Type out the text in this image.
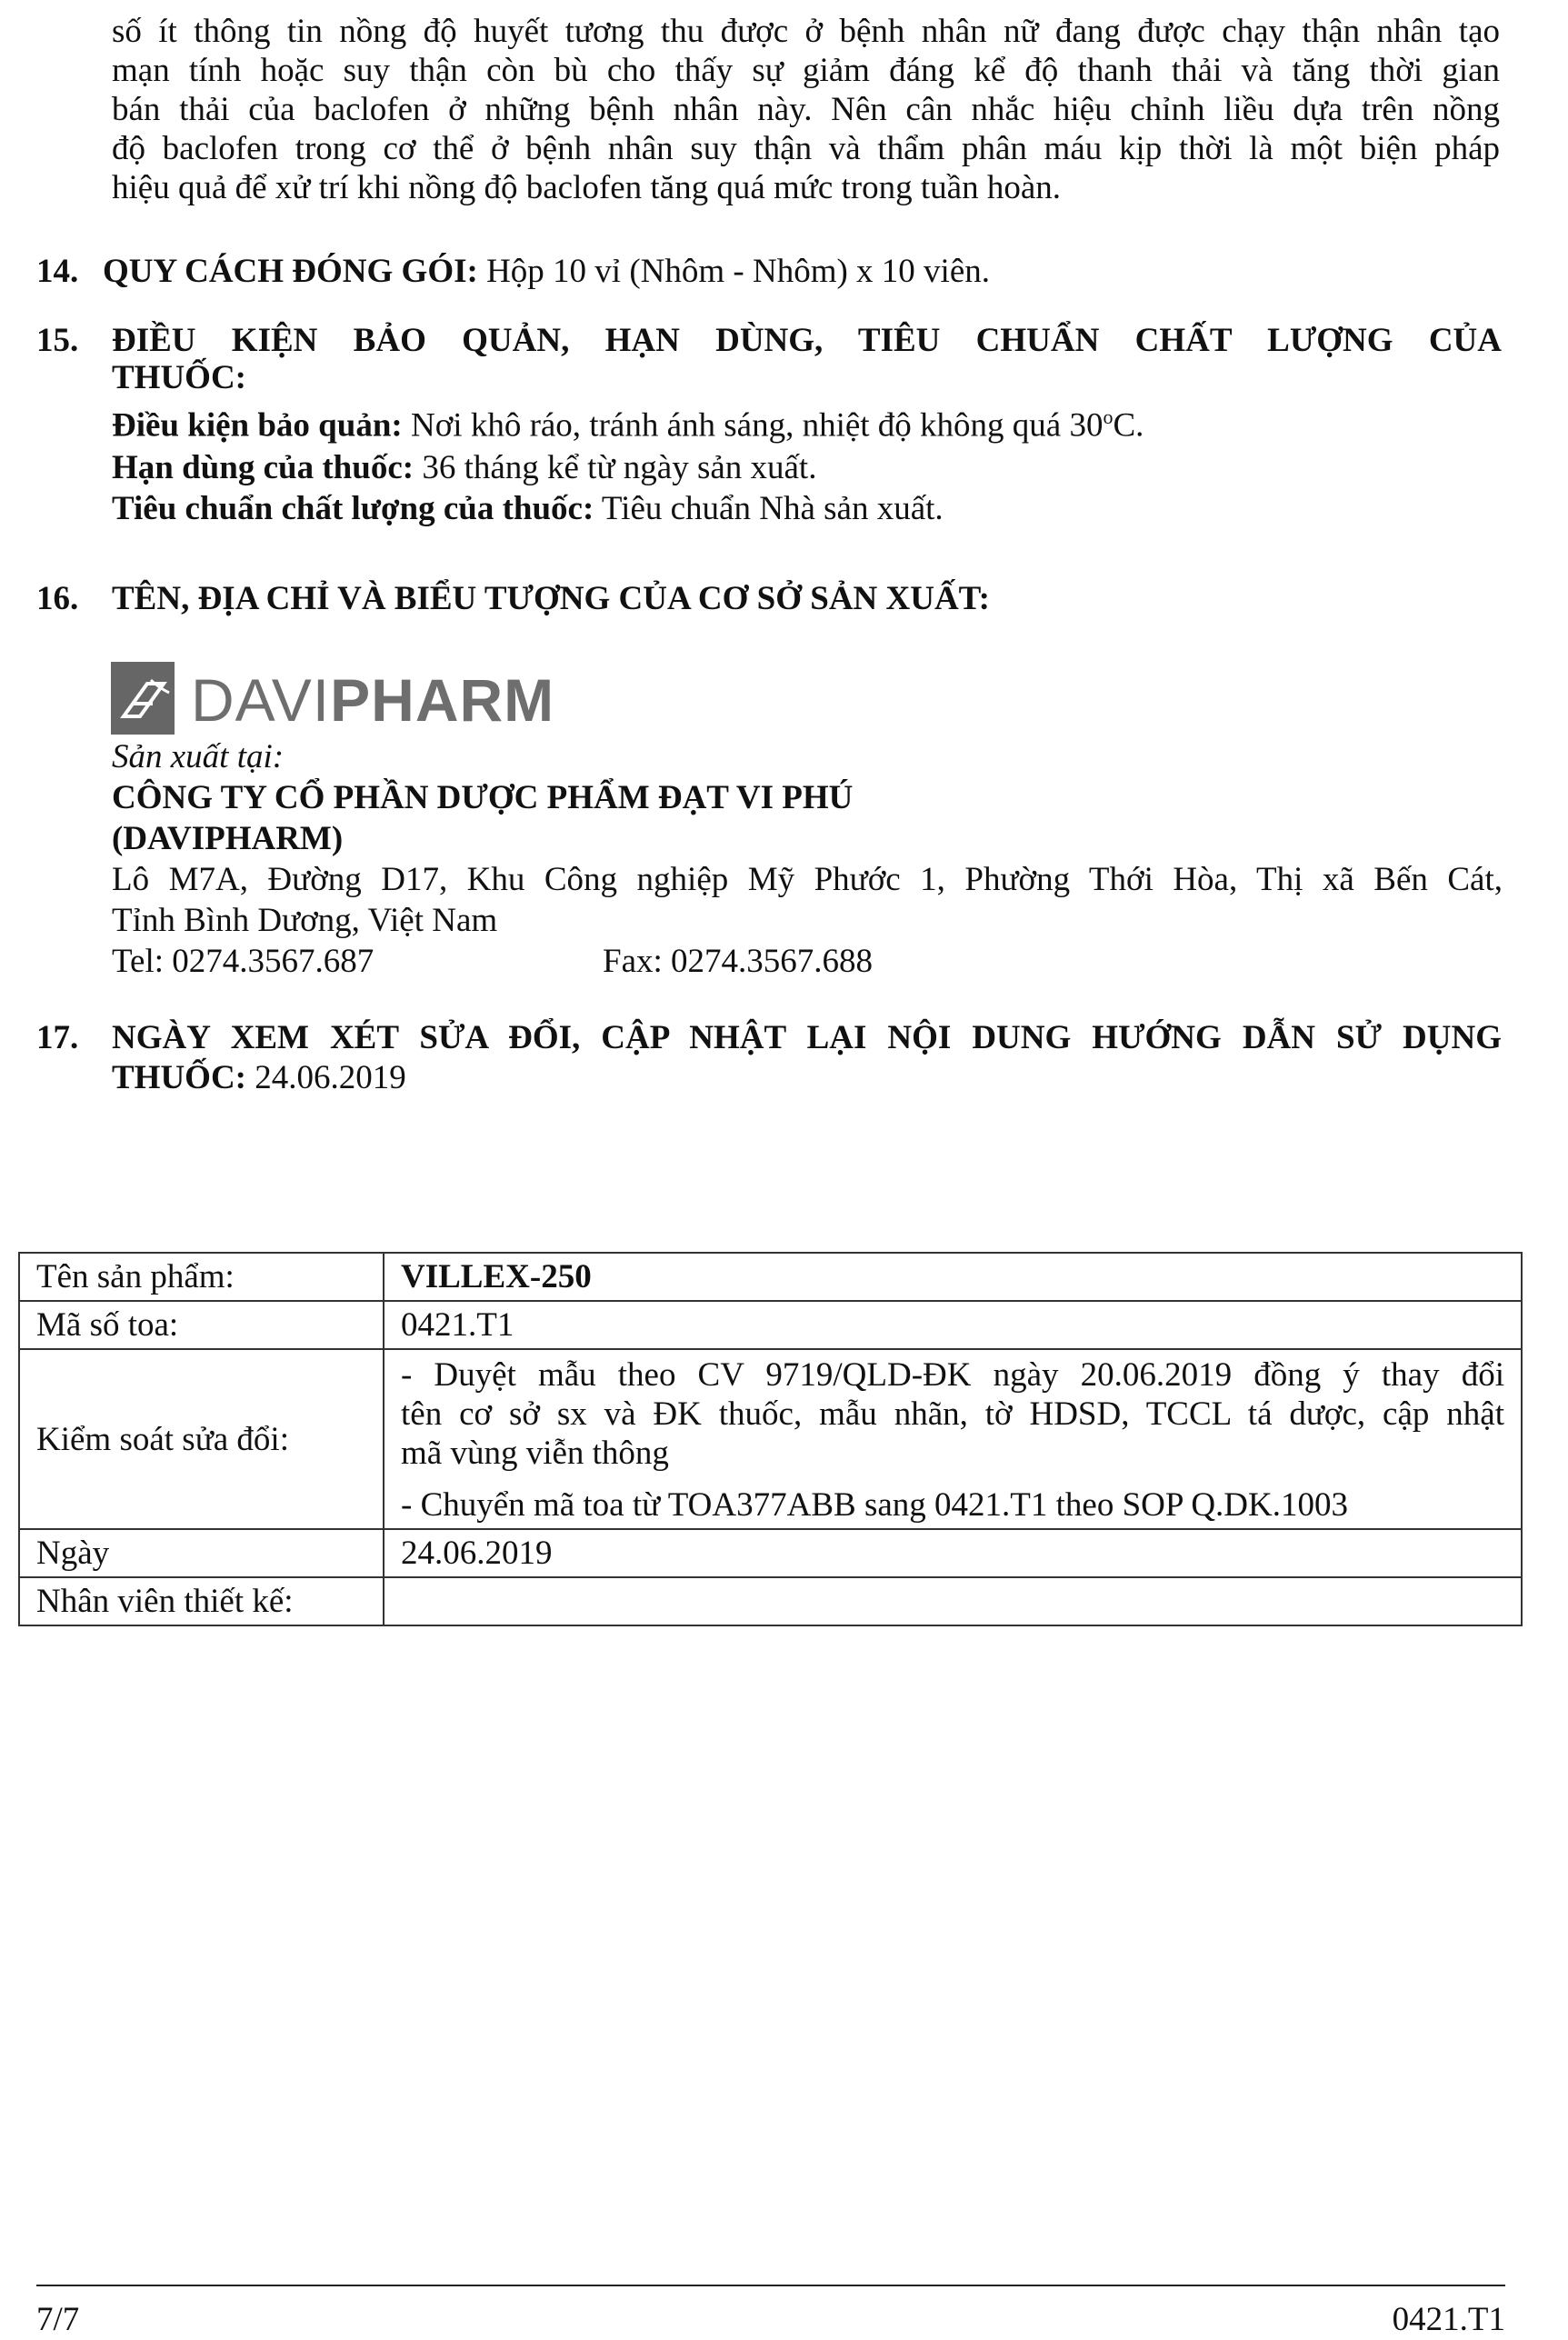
số ít thông tin nồng độ huyết tương thu được ở bệnh nhân nữ đang được chạy thận nhân tạo
mạn tính hoặc suy thận còn bù cho thấy sự giảm đáng kể độ thanh thải và tăng thời gian
bán thải của baclofen ở những bệnh nhân này. Nên cân nhắc hiệu chỉnh liều dựa trên nồng
độ baclofen trong cơ thể ở bệnh nhân suy thận và thẩm phân máu kịp thời là một biện pháp
hiệu quả để xử trí khi nồng độ baclofen tăng quá mức trong tuần hoàn.
14. QUY CÁCH ĐÓNG GÓI: Hộp 10 vỉ (Nhôm - Nhôm) x 10 viên.
15. ĐIỀU KIỆN BẢO QUẢN, HẠN DÙNG, TIÊU CHUẨN CHẤT LƯỢNG CỦA
THUỐC:
Điều kiện bảo quản: Nơi khô ráo, tránh ánh sáng, nhiệt độ không quá 30$^o$C.
Hạn dùng của thuốc: 36 tháng kể từ ngày sản xuất.
Tiêu chuẩn chất lượng của thuốc: Tiêu chuẩn Nhà sản xuất.
16. TÊN, ĐỊA CHỈ VÀ BIỂU TƯỢNG CỦA CƠ SỞ SẢN XUẤT:
DAVIPHARM
Sản xuất tại:
CÔNG TY CỔ PHẦN DƯỢC PHẨM ĐẠT VI PHÚ
(DAVIPHARM)
Lô M7A, Đường D17, Khu Công nghiệp Mỹ Phước 1, Phường Thới Hòa, Thị xã Bến Cát,
Tỉnh Bình Dương, Việt Nam
Tel: 0274.3567.687	Fax: 0274.3567.688
17. NGÀY XEM XÉT SỬA ĐỔI, CẬP NHẬT LẠI NỘI DUNG HƯỚNG DẪN SỬ DỤNG
THUỐC: 24.06.2019
Tên sản phẩm:	VILLEX-250
Mã số toa:	0421.T1
Kiểm soát sửa đổi:	- Duyệt mẫu theo CV 9719/QLD-ĐK ngày 20.06.2019 đồng ý thay đổi
tên cơ sở sx và ĐK thuốc, mẫu nhãn, tờ HDSD, TCCL tá dược, cập nhật
mã vùng viễn thông
- Chuyển mã toa từ TOA377ABB sang 0421.T1 theo SOP Q.DK.1003

Ngày	24.06.2019
Nhân viên thiết kế:	
7/7	0421.T1
